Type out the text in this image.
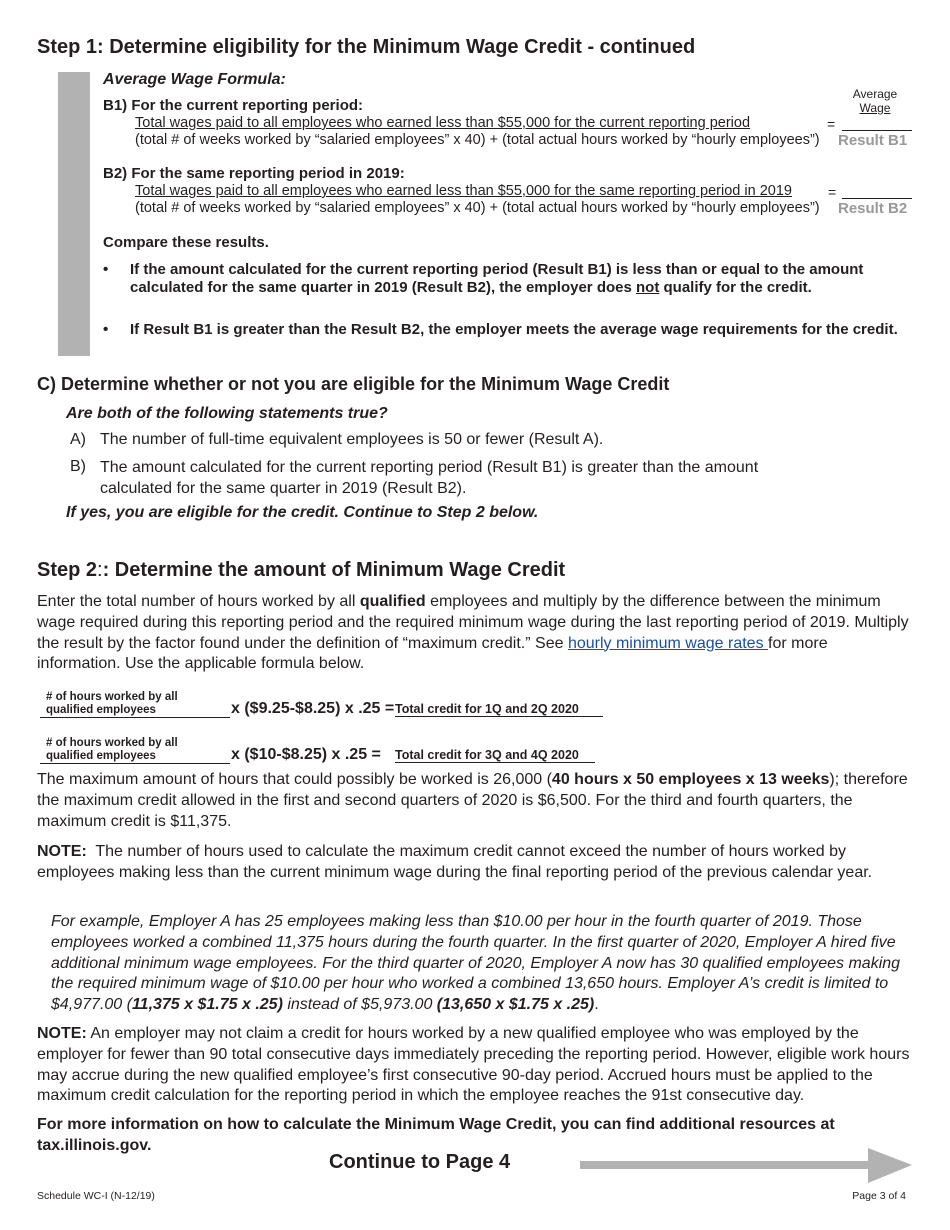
Step 1: Determine eligibility for the Minimum Wage Credit - continued
Average Wage Formula:
Average
Wage
B1) For the current reporting period:
Total wages paid to all employees who earned less than $55,000 for the current reporting period	=
(total # of weeks worked by “salaried employees” x 40) + (total actual hours worked by “hourly employees”) Result B1
B2) For the same reporting period in 2019:
Total wages paid to all employees who earned less than $55,000 for the same reporting period in 2019	=
(total # of weeks worked by “salaried employees” x 40) + (total actual hours worked by “hourly employees”) Result B2
Compare these results.
•	If the amount calculated for the current reporting period (Result B1) is less than or equal to the amount calculated for the same quarter in 2019 (Result B2), the employer does not qualify for the credit.
•	If Result B1 is greater than the Result B2, the employer meets the average wage requirements for the credit.
C) Determine whether or not you are eligible for the Minimum Wage Credit
Are both of the following statements true?
A) The number of full-time equivalent employees is 50 or fewer (Result A).
B) The amount calculated for the current reporting period (Result B1) is greater than the amount calculated for the same quarter in 2019 (Result B2).
If yes, you are eligible for the credit. Continue to Step 2 below.
Step 2:: Determine the amount of Minimum Wage Credit
Enter the total number of hours worked by all qualified employees and multiply by the difference between the minimum wage required during this reporting period and the required minimum wage during the last reporting period of 2019. Multiply the result by the factor found under the definition of “maximum credit.” See hourly minimum wage rates for more information. Use the applicable formula below.
# of hours worked by all
qualified employees	x ($9.25-$8.25) x .25 = Total credit for 1Q and 2Q 2020
# of hours worked by all
qualified employees	x ($10-$8.25) x .25 = Total credit for 3Q and 4Q 2020
The maximum amount of hours that could possibly be worked is 26,000 (40 hours x 50 employees x 13 weeks); therefore the maximum credit allowed in the first and second quarters of 2020 is $6,500. For the third and fourth quarters, the maximum credit is $11,375.
NOTE:  The number of hours used to calculate the maximum credit cannot exceed the number of hours worked by employees making less than the current minimum wage during the final reporting period of the previous calendar year.
For example, Employer A has 25 employees making less than $10.00 per hour in the fourth quarter of 2019. Those employees worked a combined 11,375 hours during the fourth quarter. In the first quarter of 2020, Employer A hired five additional minimum wage employees. For the third quarter of 2020, Employer A now has 30 qualified employees making the required minimum wage of $10.00 per hour who worked a combined 13,650 hours. Employer A’s credit is limited to $4,977.00 (11,375 x $1.75 x .25) instead of $5,973.00 (13,650 x $1.75 x .25).
NOTE: An employer may not claim a credit for hours worked by a new qualified employee who was employed by the employer for fewer than 90 total consecutive days immediately preceding the reporting period. However, eligible work hours may accrue during the new qualified employee’s first consecutive 90-day period. Accrued hours must be applied to the maximum credit calculation for the reporting period in which the employee reaches the 91st consecutive day.
For more information on how to calculate the Minimum Wage Credit, you can find additional resources at tax.illinois.gov.
Continue to Page 4
Schedule WC-I (N-12/19)	Page 3 of 4
